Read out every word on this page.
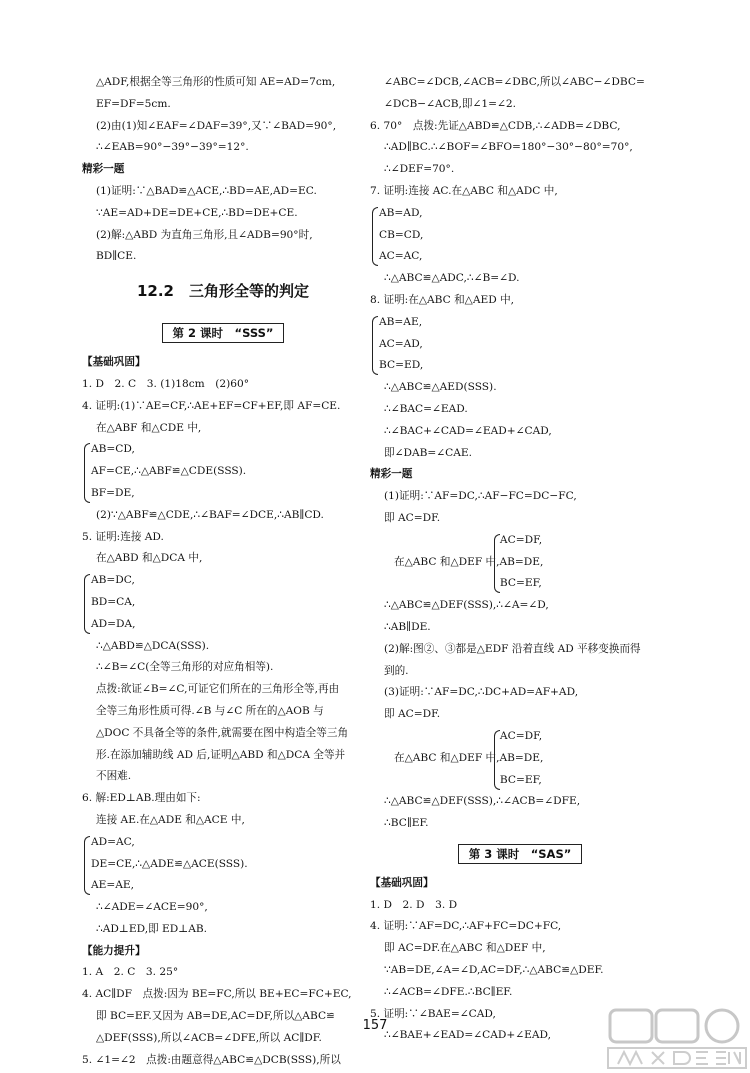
△ADF,根据全等三角形的性质可知 AE=AD=7cm,
EF=DF=5cm.
(2)由(1)知∠EAF=∠DAF=39°,又∵∠BAD=90°,
∴∠EAB=90°−39°−39°=12°.
精彩一题
(1)证明:∵△BAD≌△ACE,∴BD=AE,AD=EC.
∵AE=AD+DE=DE+CE,∴BD=DE+CE.
(2)解:△ABD 为直角三角形,且∠ADB=90°时,
BD∥CE.
12.2　三角形全等的判定
第 2 课时　“SSS”
【基础巩固】
1. D　2. C　3. (1)18cm　(2)60°
4. 证明:(1)∵AE=CF,∴AE+EF=CF+EF,即 AF=CE.
在△ABF 和△CDE 中,
AB=CD,
AF=CE,∴△ABF≌△CDE(SSS).
BF=DE,
(2)∵△ABF≌△CDE,∴∠BAF=∠DCE,∴AB∥CD.
5. 证明:连接 AD.
在△ABD 和△DCA 中,
AB=DC,
BD=CA,
AD=DA,
∴△ABD≌△DCA(SSS).
∴∠B=∠C(全等三角形的对应角相等).
点拨:欲证∠B=∠C,可证它们所在的三角形全等,再由
全等三角形性质可得.∠B 与∠C 所在的△AOB 与
△DOC 不具备全等的条件,就需要在图中构造全等三角
形.在添加辅助线 AD 后,证明△ABD 和△DCA 全等并
不困难.
6. 解:ED⊥AB.理由如下:
连接 AE.在△ADE 和△ACE 中,
AD=AC,
DE=CE,∴△ADE≌△ACE(SSS).
AE=AE,
∴∠ADE=∠ACE=90°,
∴AD⊥ED,即 ED⊥AB.
【能力提升】
1. A　2. C　3. 25°
4. AC∥DF　点拨:因为 BE=FC,所以 BE+EC=FC+EC,
即 BC=EF.又因为 AB=DE,AC=DF,所以△ABC≌
△DEF(SSS),所以∠ACB=∠DFE,所以 AC∥DF.
5. ∠1=∠2　点拨:由题意得△ABC≌△DCB(SSS),所以
∠ABC=∠DCB,∠ACB=∠DBC,所以∠ABC−∠DBC=
∠DCB−∠ACB,即∠1=∠2.
6. 70°　点拨:先证△ABD≌△CDB,∴∠ADB=∠DBC,
∴AD∥BC.∴∠BOF=∠BFO=180°−30°−80°=70°,
∴∠DEF=70°.
7. 证明:连接 AC.在△ABC 和△ADC 中,
AB=AD,
CB=CD,
AC=AC,
∴△ABC≌△ADC,∴∠B=∠D.
8. 证明:在△ABC 和△AED 中,
AB=AE,
AC=AD,
BC=ED,
∴△ABC≌△AED(SSS).
∴∠BAC=∠EAD.
∴∠BAC+∠CAD=∠EAD+∠CAD,
即∠DAB=∠CAE.
精彩一题
(1)证明:∵AF=DC,∴AF−FC=DC−FC,
即 AC=DF.
　　　　　　　　　　AC=DF,
在△ABC 和△DEF 中,AB=DE,
　　　　　　　　　　BC=EF,
∴△ABC≌△DEF(SSS),∴∠A=∠D,
∴AB∥DE.
(2)解:图②、③都是△EDF 沿着直线 AD 平移变换而得
到的.
(3)证明:∵AF=DC,∴DC+AD=AF+AD,
即 AC=DF.
　　　　　　　　　　AC=DF,
在△ABC 和△DEF 中,AB=DE,
　　　　　　　　　　BC=EF,
∴△ABC≌△DEF(SSS),∴∠ACB=∠DFE,
∴BC∥EF.
第 3 课时　“SAS”
【基础巩固】
1. D　2. D　3. D
4. 证明:∵AF=DC,∴AF+FC=DC+FC,
即 AC=DF.在△ABC 和△DEF 中,
∵AB=DE,∠A=∠D,AC=DF,∴△ABC≌△DEF.
∴∠ACB=∠DFE.∴BC∥EF.
5. 证明:∵∠BAE=∠CAD,
∴∠BAE+∠EAD=∠CAD+∠EAD,
157
